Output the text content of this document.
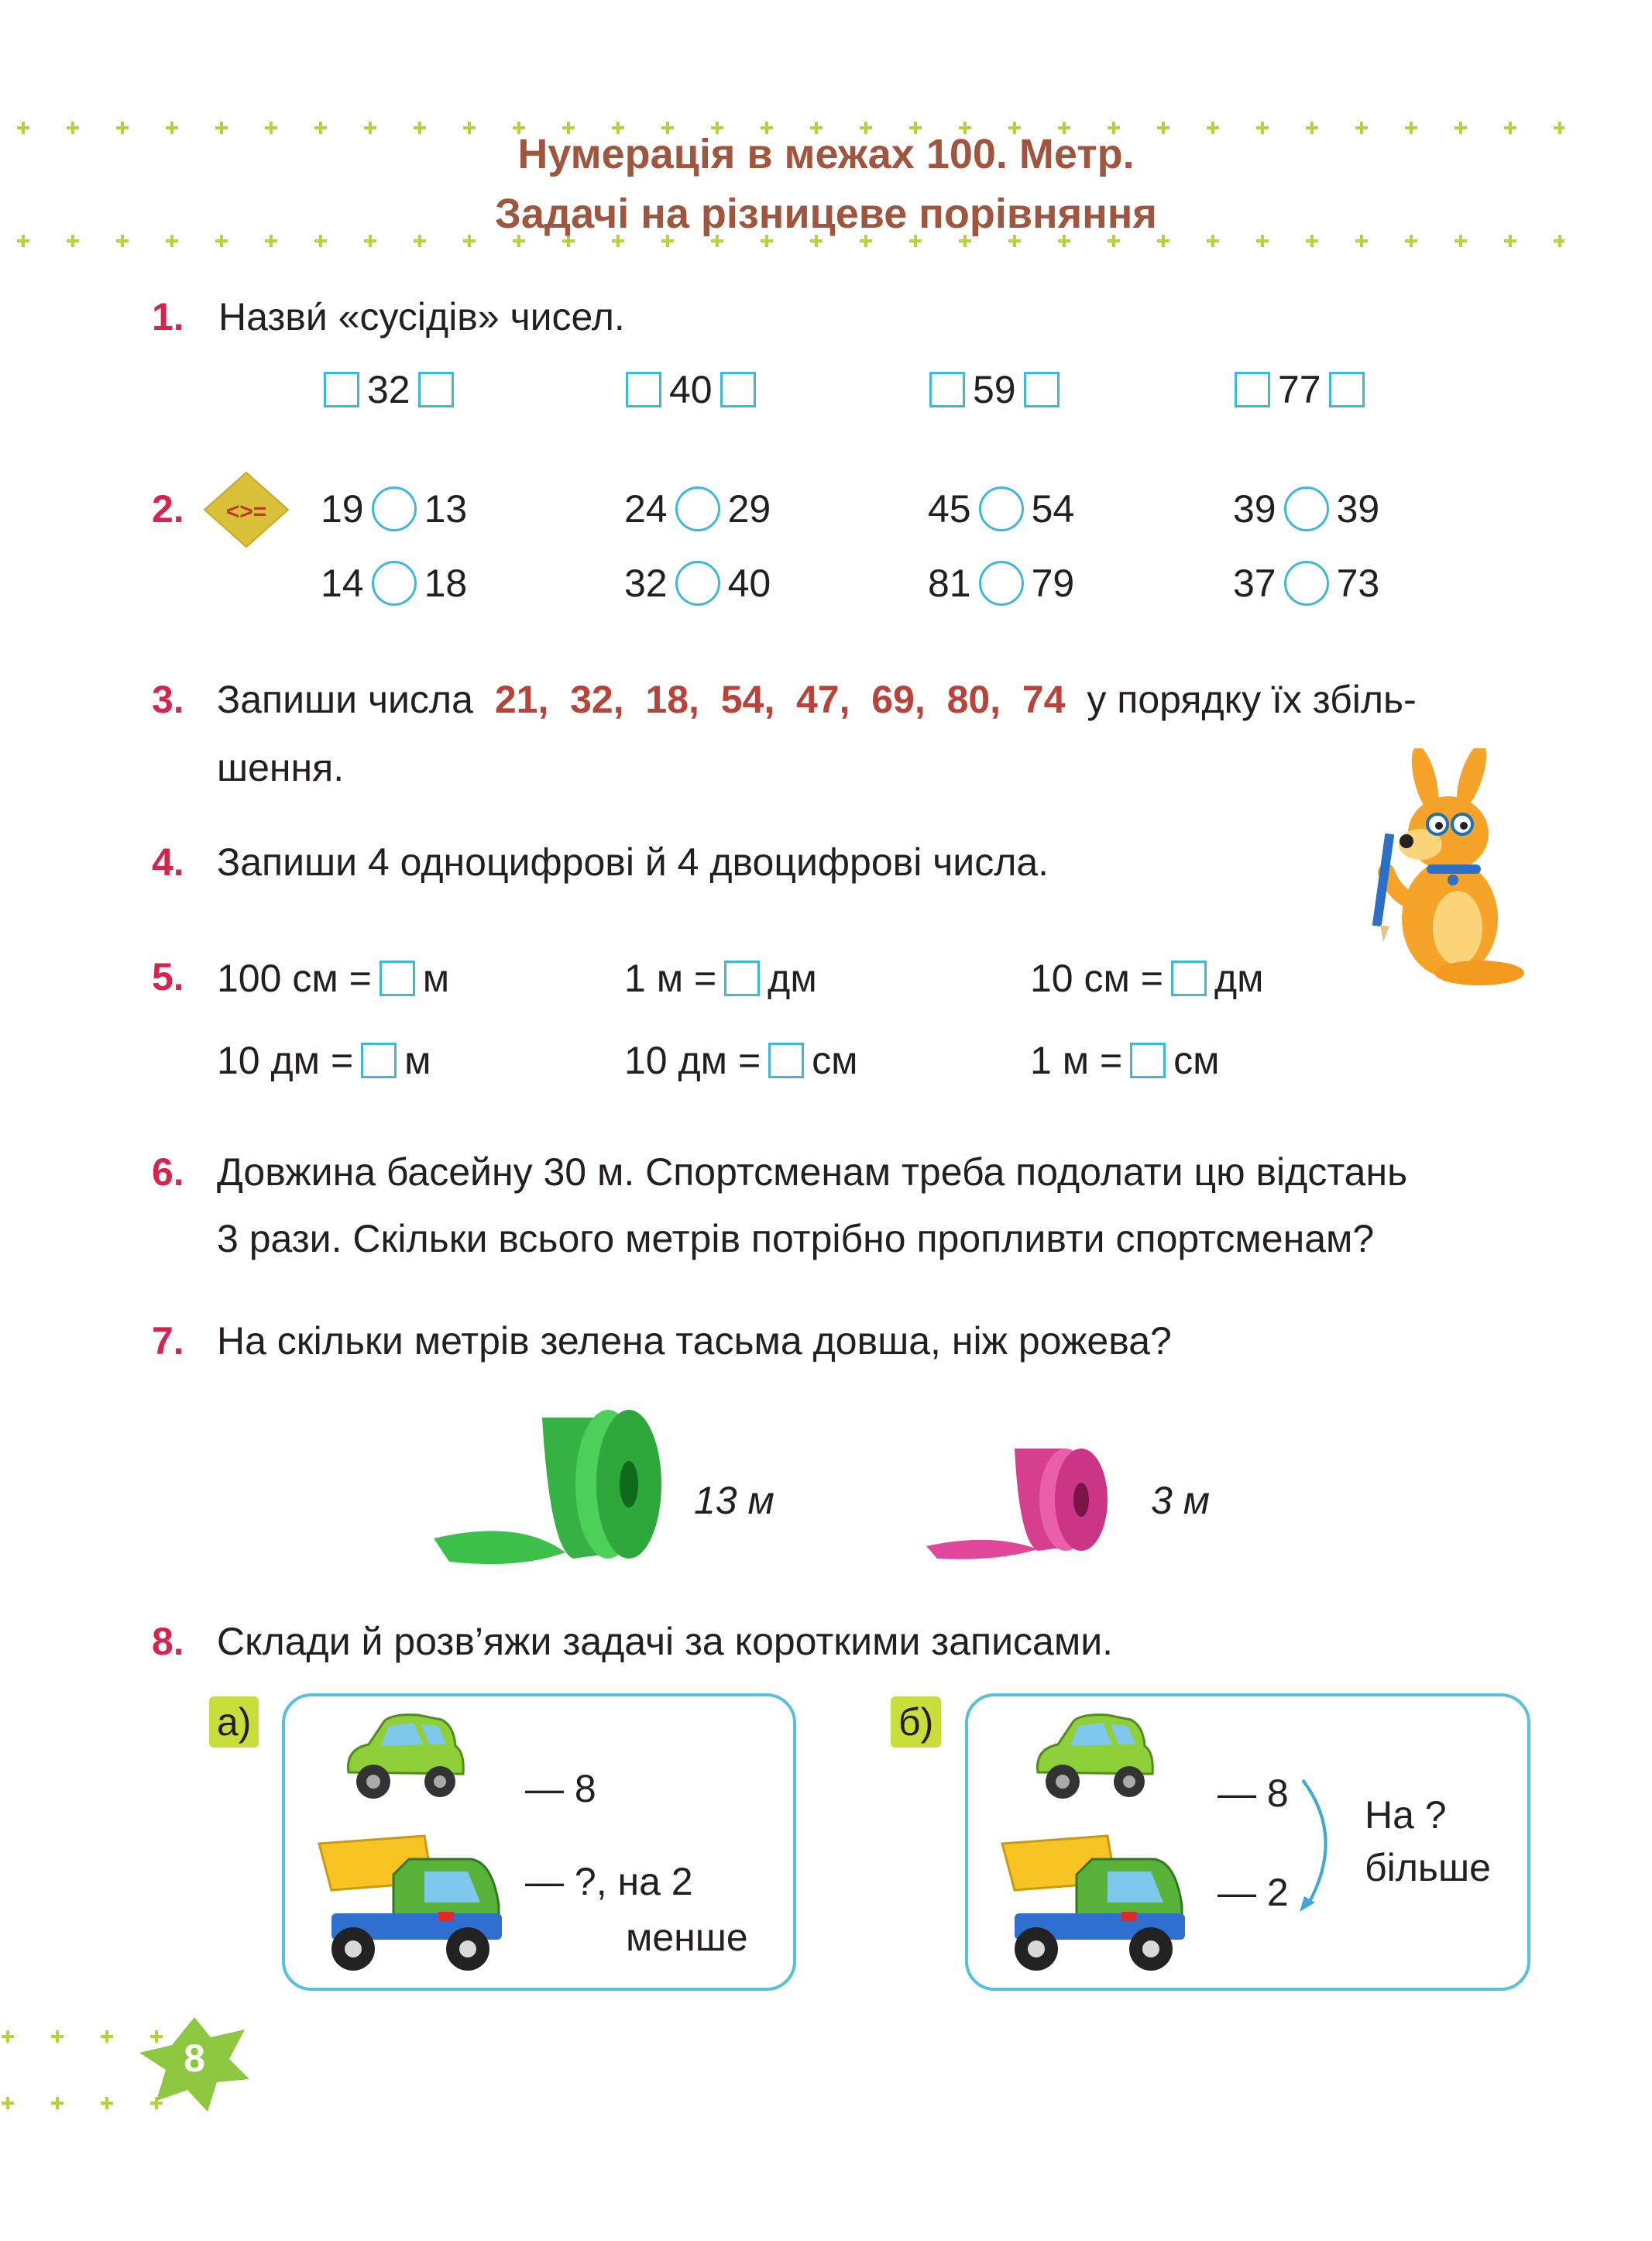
Нумерація в межах 100. Метр.
Задачі на різницеве порівняння
1. Назви́ «сусідів» чисел.
32	40	59	77
2. <>= 19 13	24 29	45 54	39 39
14 18	32 40	81 79	37 73
3. Запиши числа 21,  32,  18,  54,  47,  69,  80,  74 у порядку їх збіль-
шення.
4. Запиши 4 одноцифрові й 4 двоцифрові числа.
5. 100 см = м	1 м = дм	10 см = дм
10 дм = м	10 дм = см	1 м = см
6. Довжина басейну 30 м. Спортсменам треба подолати цю відстань
3 рази. Скільки всього метрів потрібно пропливти спортсменам?
7. На скільки метрів зелена тасьма довша, ніж рожева?
13 м	3 м
8. Склади й розв’яжи задачі за короткими записами.
а)
— 8
— ?, на 2
менше
б)
— 8
— 2
На ?
більше
8
